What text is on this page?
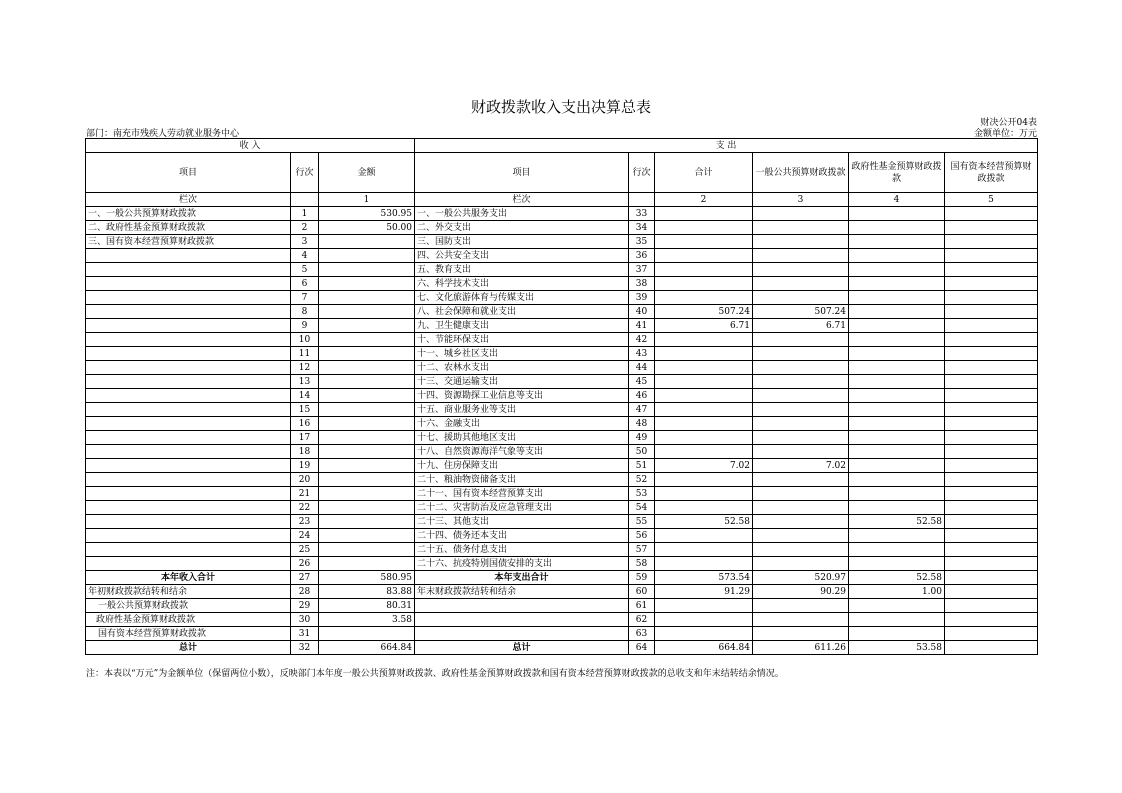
财政拨款收入支出决算总表
财决公开04表
部门：南充市残疾人劳动就业服务中心	金额单位：万元
收 入			支 出					
项目	行次	金额	项目	行次	合计	一般公共预算财政拨款	政府性基金预算财政拨款	国有资本经营预算财政拨款
栏次		1	栏次		2	3	4	5
一、一般公共预算财政拨款	1	530.95	一、一般公共服务支出	33				
二、政府性基金预算财政拨款	2	50.00	二、外交支出	34				
三、国有资本经营预算财政拨款	3		三、国防支出	35				
	4		四、公共安全支出	36				
	5		五、教育支出	37				
	6		六、科学技术支出	38				
	7		七、文化旅游体育与传媒支出	39				
	8		八、社会保障和就业支出	40	507.24	507.24		
	9		九、卫生健康支出	41	6.71	6.71		
	10		十、节能环保支出	42				
	11		十一、城乡社区支出	43				
	12		十二、农林水支出	44				
	13		十三、交通运输支出	45				
	14		十四、资源勘探工业信息等支出	46				
	15		十五、商业服务业等支出	47				
	16		十六、金融支出	48				
	17		十七、援助其他地区支出	49				
	18		十八、自然资源海洋气象等支出	50				
	19		十九、住房保障支出	51	7.02	7.02		
	20		二十、粮油物资储备支出	52				
	21		二十一、国有资本经营预算支出	53				
	22		二十二、灾害防治及应急管理支出	54				
	23		二十三、其他支出	55	52.58		52.58	
	24		二十四、债务还本支出	56				
	25		二十五、债务付息支出	57				
	26		二十六、抗疫特别国债安排的支出	58				
本年收入合计	27	580.95	本年支出合计	59	573.54	520.97	52.58	
年初财政拨款结转和结余	28	83.88	年末财政拨款结转和结余	60	91.29	90.29	1.00	
一般公共预算财政拨款	29	80.31		61				
政府性基金预算财政拨款	30	3.58		62				
国有资本经营预算财政拨款	31			63				
总计	32	664.84	总计	64	664.84	611.26	53.58	
注：本表以“万元”为金额单位（保留两位小数），反映部门本年度一般公共预算财政拨款、政府性基金预算财政拨款和国有资本经营预算财政拨款的总收支和年末结转结余情况。
